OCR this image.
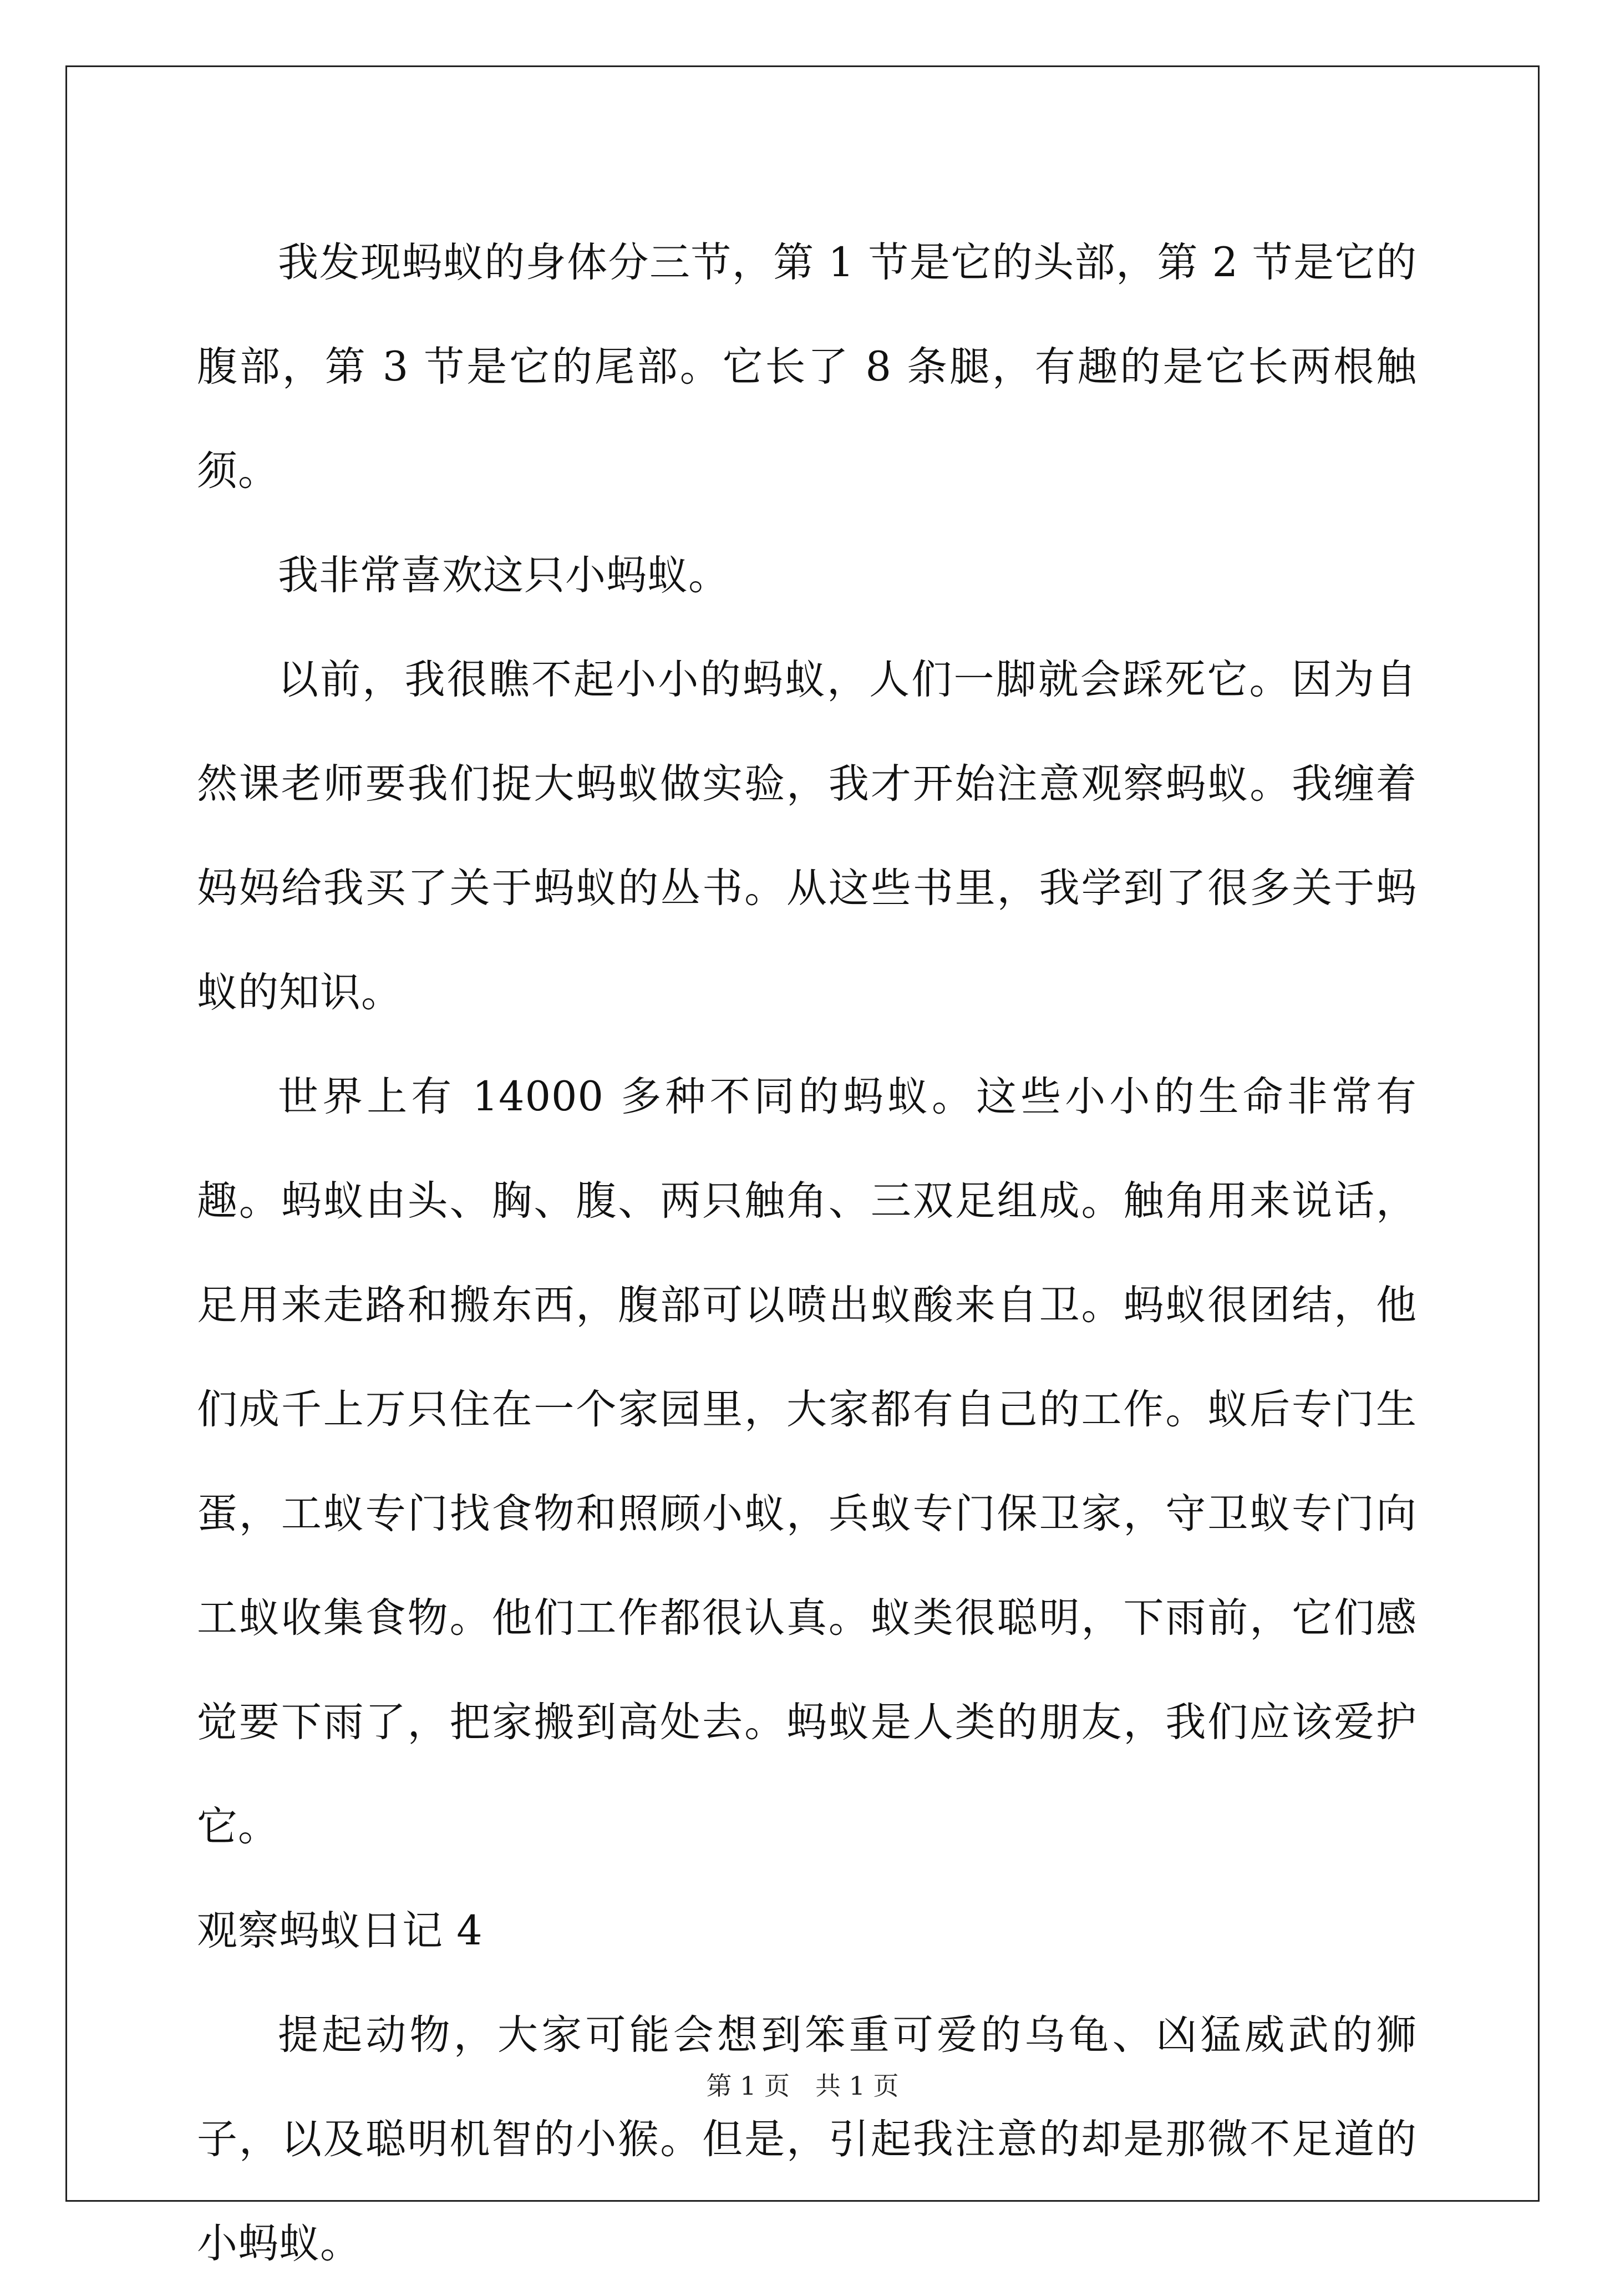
我发现蚂蚁的身体分三节，第 1 节是它的头部，第 2 节是它的腹部，第 3 节是它的尾部。它长了 8 条腿，有趣的是它长两根触须。

我非常喜欢这只小蚂蚁。

以前，我很瞧不起小小的蚂蚁，人们一脚就会踩死它。因为自然课老师要我们捉大蚂蚁做实验，我才开始注意观察蚂蚁。我缠着妈妈给我买了关于蚂蚁的丛书。从这些书里，我学到了很多关于蚂蚁的知识。

世界上有 14000 多种不同的蚂蚁。这些小小的生命非常有趣。蚂蚁由头、胸、腹、两只触角、三双足组成。触角用来说话，足用来走路和搬东西，腹部可以喷出蚁酸来自卫。蚂蚁很团结，他们成千上万只住在一个家园里，大家都有自己的工作。蚁后专门生蛋，工蚁专门找食物和照顾小蚁，兵蚁专门保卫家，守卫蚁专门向工蚁收集食物。他们工作都很认真。蚁类很聪明，下雨前，它们感觉要下雨了，把家搬到高处去。蚂蚁是人类的朋友，我们应该爱护它。

观察蚂蚁日记 4

提起动物，大家可能会想到笨重可爱的乌龟、凶猛威武的狮子，以及聪明机智的小猴。但是，引起我注意的却是那微不足道的小蚂蚁。

第 1 页　共 1 页
